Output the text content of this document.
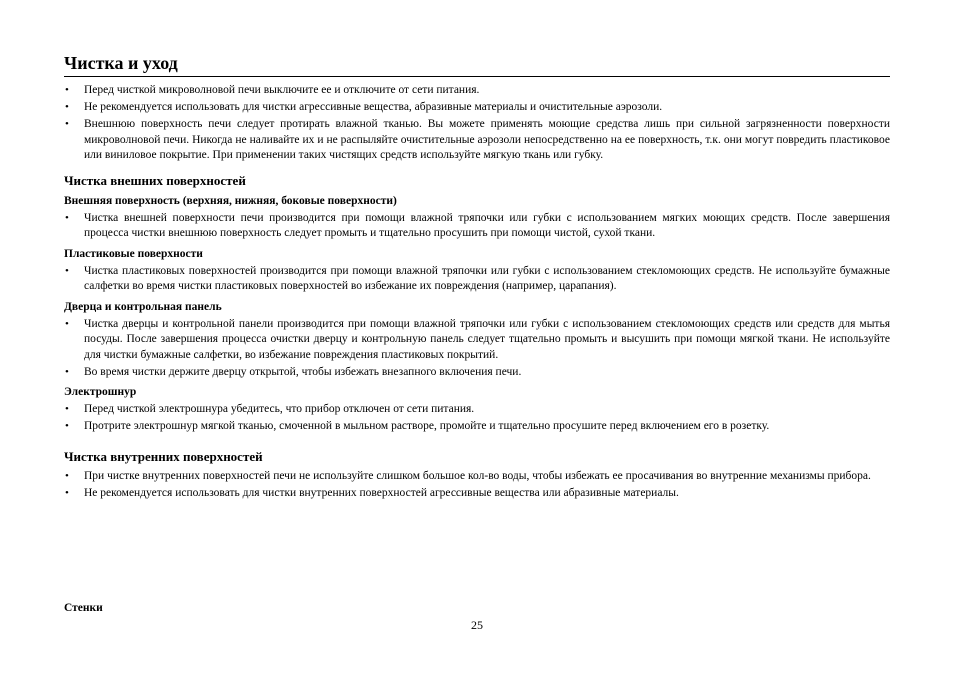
Чистка и уход
• Перед чисткой микроволновой печи выключите ее и отключите от сети питания.
• Не рекомендуется использовать для чистки агрессивные вещества, абразивные материалы и очистительные аэрозоли.
• Внешнюю поверхность печи следует протирать влажной тканью. Вы можете применять моющие средства лишь при сильной загрязненности поверхности микроволновой печи. Никогда не наливайте их и не распыляйте очистительные аэрозоли непосредственно на ее поверхность, т.к. они могут повредить пластиковое или виниловое покрытие. При применении таких чистящих средств используйте мягкую ткань или губку.
Чистка внешних поверхностей
Внешняя поверхность (верхняя, нижняя, боковые поверхности)
• Чистка внешней поверхности печи производится при помощи влажной тряпочки или губки с использованием мягких моющих средств. После завершения процесса чистки внешнюю поверхность следует промыть и тщательно просушить при помощи чистой, сухой ткани.
Пластиковые поверхности
• Чистка пластиковых поверхностей производится при помощи влажной тряпочки или губки с использованием стекломоющих средств. Не используйте бумажные салфетки во время чистки пластиковых поверхностей во избежание их повреждения (например, царапания).
Дверца и контрольная панель
• Чистка дверцы и контрольной панели производится при помощи влажной тряпочки или губки с использованием стекломоющих средств или средств для мытья посуды. После завершения процесса очистки дверцу и контрольную панель следует тщательно промыть и высушить при помощи мягкой ткани. Не используйте для чистки бумажные салфетки, во избежание повреждения пластиковых покрытий.
• Во время чистки держите дверцу открытой, чтобы избежать внезапного включения печи.
Электрошнур
• Перед чисткой электрошнура убедитесь, что прибор отключен от сети питания.
• Протрите электрошнур мягкой тканью, смоченной в мыльном растворе, промойте и тщательно просушите перед включением его в розетку.
Чистка внутренних поверхностей
• При чистке внутренних поверхностей печи не используйте слишком большое кол-во воды, чтобы избежать ее просачивания во внутренние механизмы прибора.
• Не рекомендуется использовать для чистки внутренних поверхностей агрессивные вещества или абразивные материалы.
Стенки
25
